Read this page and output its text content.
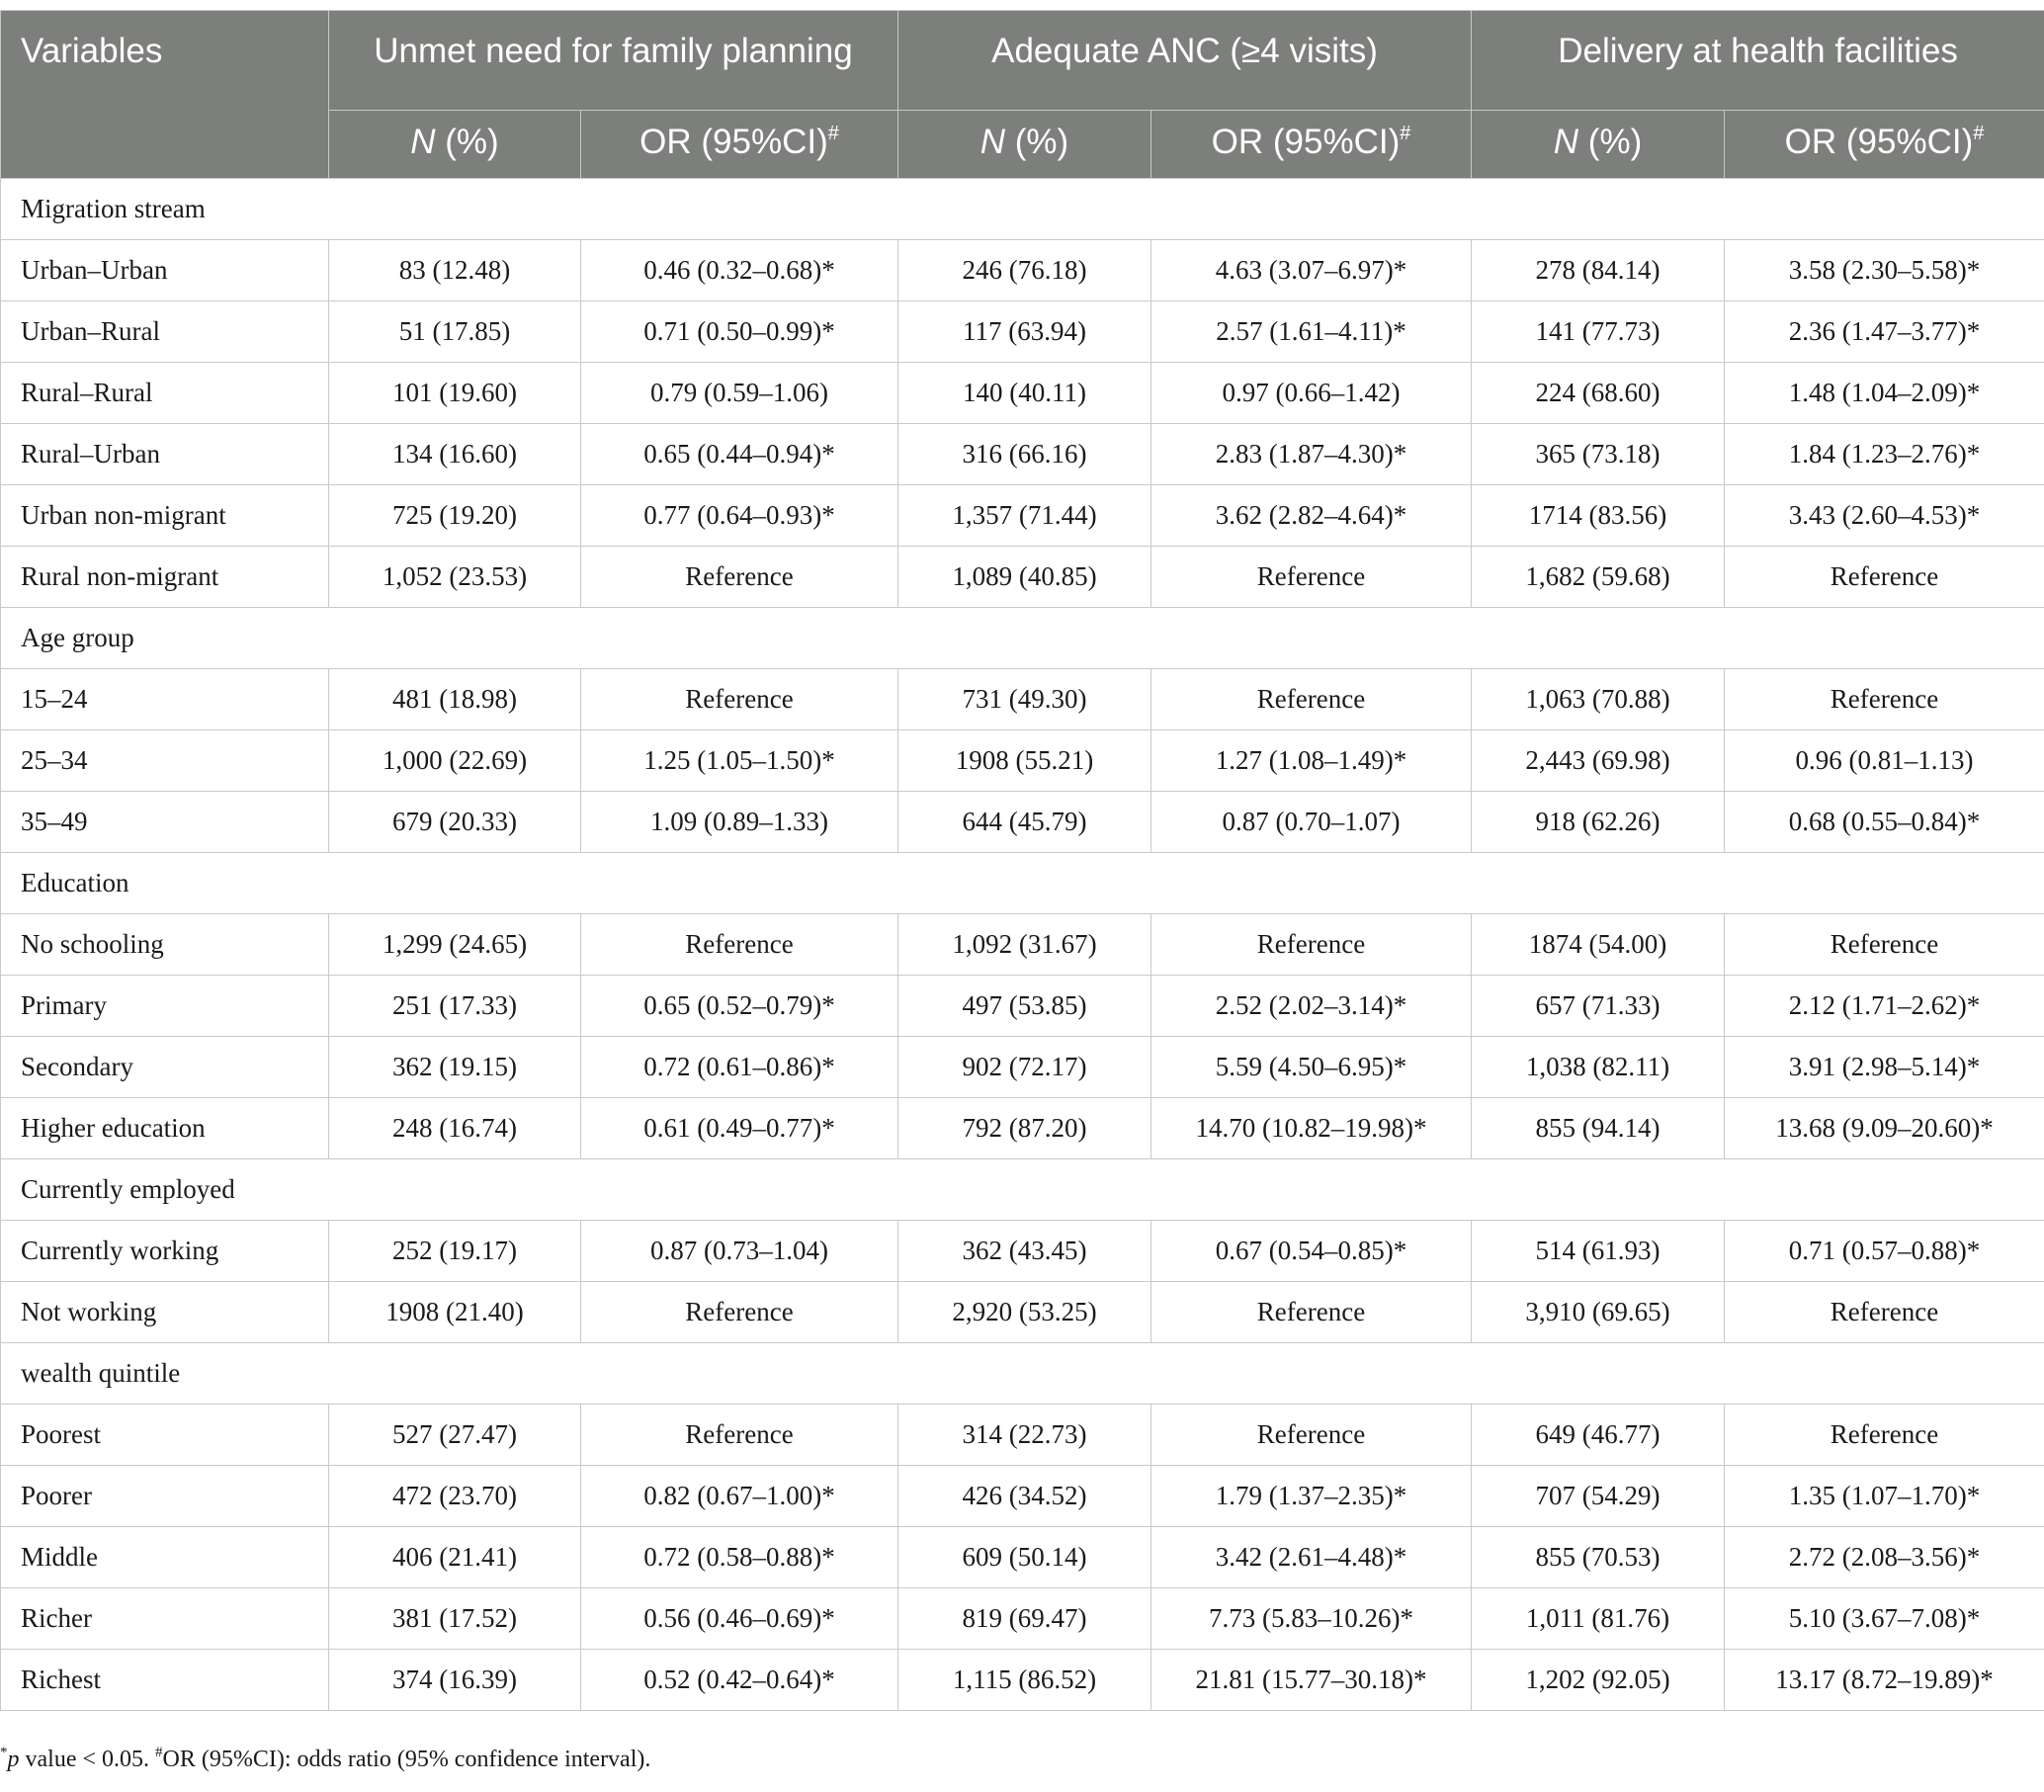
Variables	Unmet need for family planning		Adequate ANC (≥4 visits)		Delivery at health facilities	
	N (%)	OR (95%CI)#	N (%)	OR (95%CI)#	N (%)	OR (95%CI)#
Migration stream						
Urban–Urban	83 (12.48)	0.46 (0.32–0.68)*	246 (76.18)	4.63 (3.07–6.97)*	278 (84.14)	3.58 (2.30–5.58)*
Urban–Rural	51 (17.85)	0.71 (0.50–0.99)*	117 (63.94)	2.57 (1.61–4.11)*	141 (77.73)	2.36 (1.47–3.77)*
Rural–Rural	101 (19.60)	0.79 (0.59–1.06)	140 (40.11)	0.97 (0.66–1.42)	224 (68.60)	1.48 (1.04–2.09)*
Rural–Urban	134 (16.60)	0.65 (0.44–0.94)*	316 (66.16)	2.83 (1.87–4.30)*	365 (73.18)	1.84 (1.23–2.76)*
Urban non-migrant	725 (19.20)	0.77 (0.64–0.93)*	1,357 (71.44)	3.62 (2.82–4.64)*	1714 (83.56)	3.43 (2.60–4.53)*
Rural non-migrant	1,052 (23.53)	Reference	1,089 (40.85)	Reference	1,682 (59.68)	Reference
Age group						
15–24	481 (18.98)	Reference	731 (49.30)	Reference	1,063 (70.88)	Reference
25–34	1,000 (22.69)	1.25 (1.05–1.50)*	1908 (55.21)	1.27 (1.08–1.49)*	2,443 (69.98)	0.96 (0.81–1.13)
35–49	679 (20.33)	1.09 (0.89–1.33)	644 (45.79)	0.87 (0.70–1.07)	918 (62.26)	0.68 (0.55–0.84)*
Education						
No schooling	1,299 (24.65)	Reference	1,092 (31.67)	Reference	1874 (54.00)	Reference
Primary	251 (17.33)	0.65 (0.52–0.79)*	497 (53.85)	2.52 (2.02–3.14)*	657 (71.33)	2.12 (1.71–2.62)*
Secondary	362 (19.15)	0.72 (0.61–0.86)*	902 (72.17)	5.59 (4.50–6.95)*	1,038 (82.11)	3.91 (2.98–5.14)*
Higher education	248 (16.74)	0.61 (0.49–0.77)*	792 (87.20)	14.70 (10.82–19.98)*	855 (94.14)	13.68 (9.09–20.60)*
Currently employed						
Currently working	252 (19.17)	0.87 (0.73–1.04)	362 (43.45)	0.67 (0.54–0.85)*	514 (61.93)	0.71 (0.57–0.88)*
Not working	1908 (21.40)	Reference	2,920 (53.25)	Reference	3,910 (69.65)	Reference
wealth quintile						
Poorest	527 (27.47)	Reference	314 (22.73)	Reference	649 (46.77)	Reference
Poorer	472 (23.70)	0.82 (0.67–1.00)*	426 (34.52)	1.79 (1.37–2.35)*	707 (54.29)	1.35 (1.07–1.70)*
Middle	406 (21.41)	0.72 (0.58–0.88)*	609 (50.14)	3.42 (2.61–4.48)*	855 (70.53)	2.72 (2.08–3.56)*
Richer	381 (17.52)	0.56 (0.46–0.69)*	819 (69.47)	7.73 (5.83–10.26)*	1,011 (81.76)	5.10 (3.67–7.08)*
Richest	374 (16.39)	0.52 (0.42–0.64)*	1,115 (86.52)	21.81 (15.77–30.18)*	1,202 (92.05)	13.17 (8.72–19.89)*
*p value < 0.05. #OR (95%CI): odds ratio (95% confidence interval).
